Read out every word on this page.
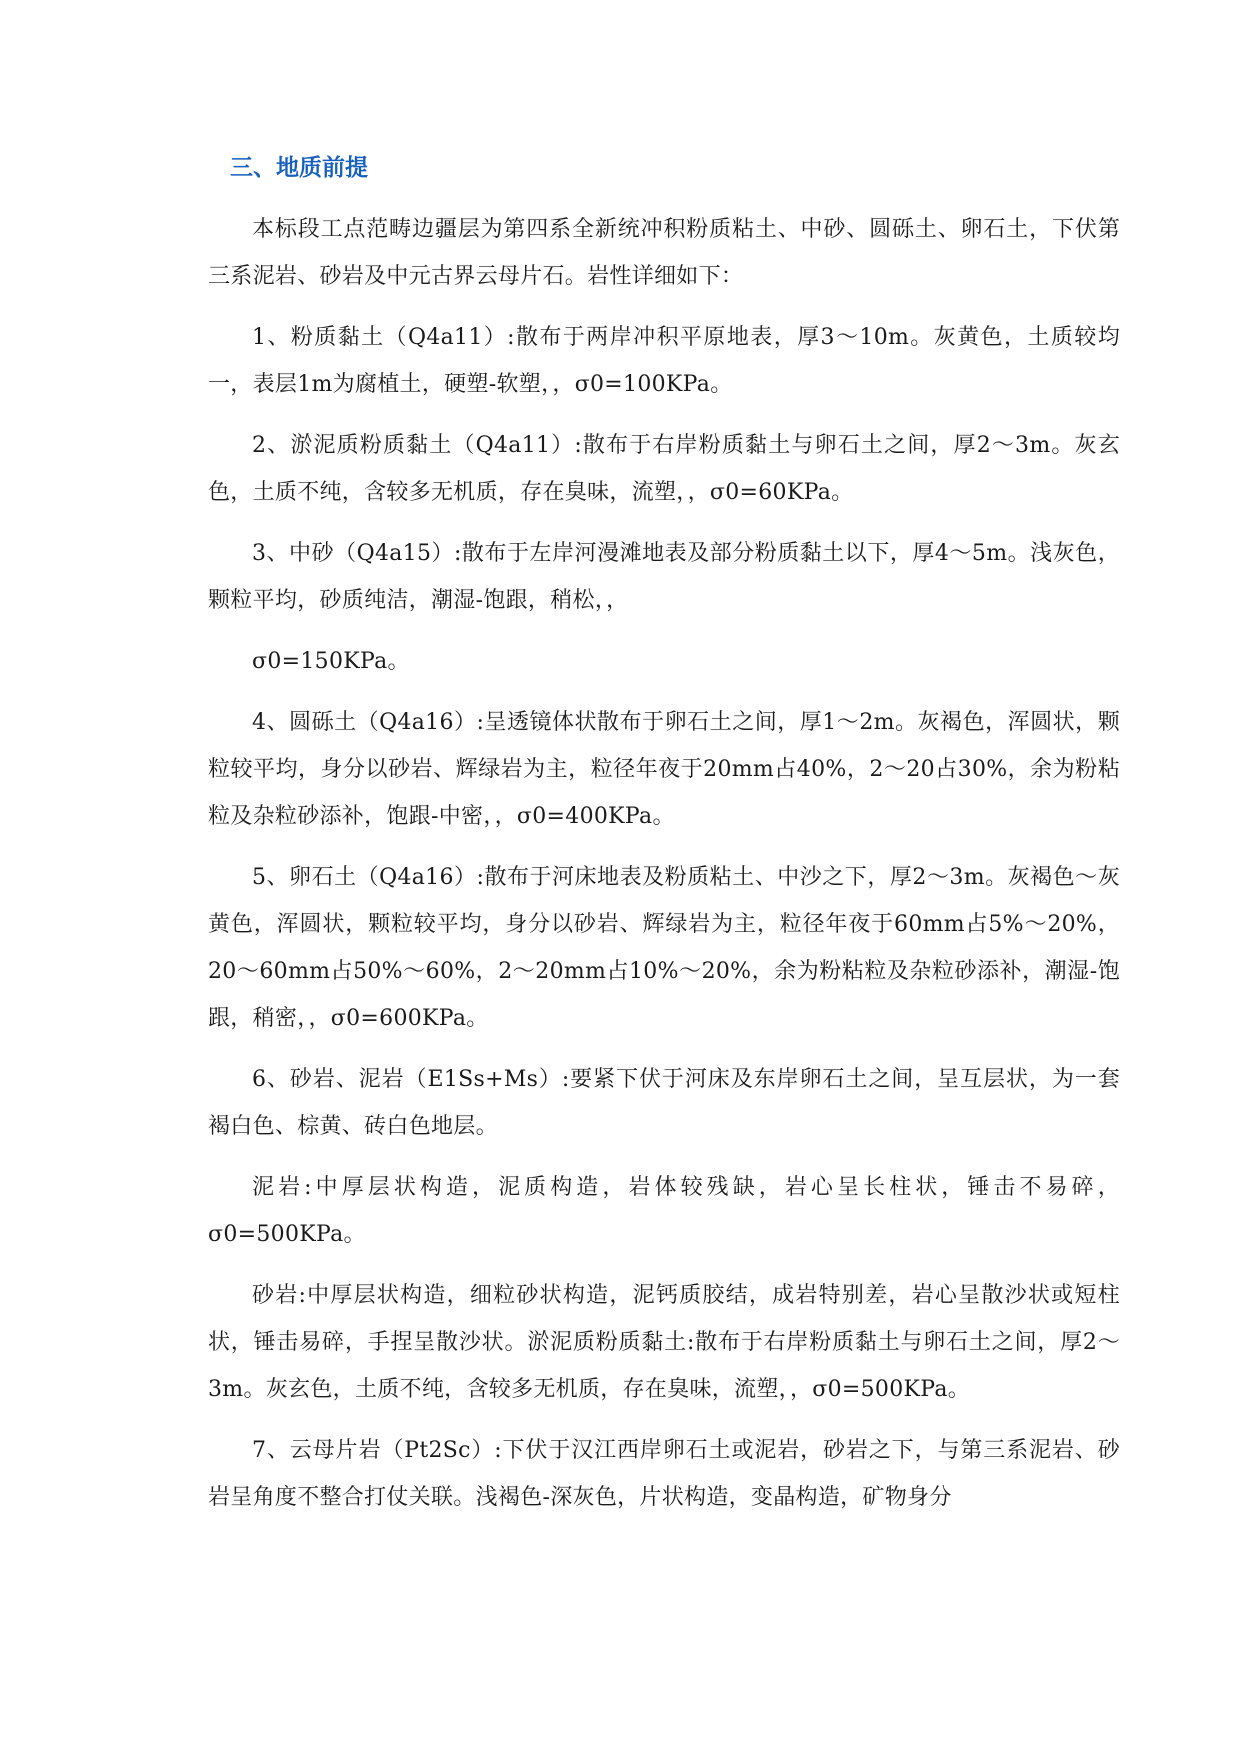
三、地质前提

本标段工点范畴边疆层为第四系全新统冲积粉质粘土、中砂、圆砾土、卵石土，下伏第三系泥岩、砂岩及中元古界云母片石。岩性详细如下：

1、粉质黏土（Q4a11）:散布于两岸冲积平原地表，厚3～10m。灰黄色，土质较均一，表层1m为腐植土，硬塑-软塑，，σ0=100KPa。

2、淤泥质粉质黏土（Q4a11）:散布于右岸粉质黏土与卵石土之间，厚2～3m。灰玄色，土质不纯，含较多无机质，存在臭味，流塑，，σ0=60KPa。

3、中砂（Q4a15）:散布于左岸河漫滩地表及部分粉质黏土以下，厚4～5m。浅灰色，颗粒平均，砂质纯洁，潮湿-饱跟，稍松，，

σ0=150KPa。

4、圆砾土（Q4a16）:呈透镜体状散布于卵石土之间，厚1～2m。灰褐色，浑圆状，颗粒较平均，身分以砂岩、辉绿岩为主，粒径年夜于20mm占40%，2～20占30%，余为粉粘粒及杂粒砂添补，饱跟-中密，，σ0=400KPa。

5、卵石土（Q4a16）:散布于河床地表及粉质粘土、中沙之下，厚2～3m。灰褐色～灰黄色，浑圆状，颗粒较平均，身分以砂岩、辉绿岩为主，粒径年夜于60mm占5%～20%，20～60mm占50%～60%，2～20mm占10%～20%，余为粉粘粒及杂粒砂添补，潮湿-饱跟，稍密，，σ0=600KPa。

6、砂岩、泥岩（E1Ss+Ms）:要紧下伏于河床及东岸卵石土之间，呈互层状，为一套褐白色、棕黄、砖白色地层。

泥岩:中厚层状构造，泥质构造，岩体较残缺，岩心呈长柱状，锤击不易碎，σ0=500KPa。

砂岩:中厚层状构造，细粒砂状构造，泥钙质胶结，成岩特别差，岩心呈散沙状或短柱状，锤击易碎，手捏呈散沙状。淤泥质粉质黏土:散布于右岸粉质黏土与卵石土之间，厚2～3m。灰玄色，土质不纯，含较多无机质，存在臭味，流塑，，σ0=500KPa。

7、云母片岩（Pt2Sc）:下伏于汉江西岸卵石土或泥岩，砂岩之下，与第三系泥岩、砂岩呈角度不整合打仗关联。浅褐色-深灰色，片状构造，变晶构造，矿物身分
